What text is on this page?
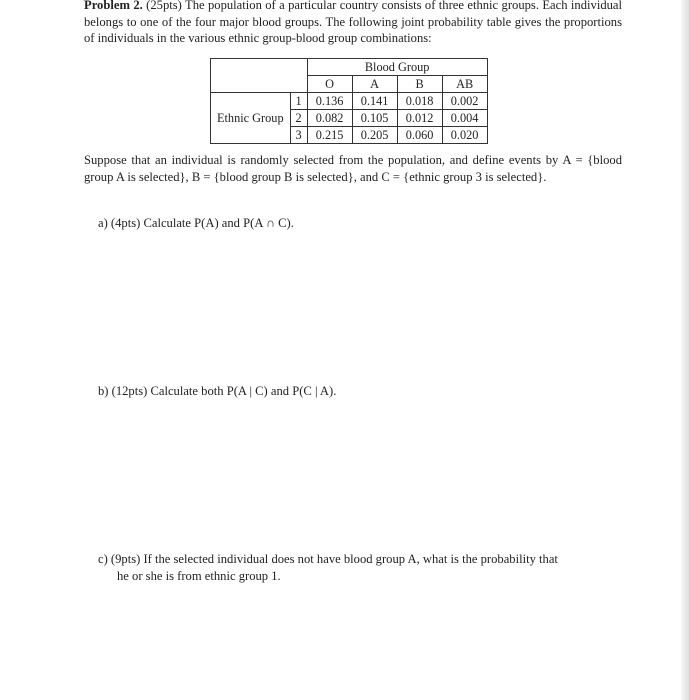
Problem 2. (25pts) The population of a particular country consists of three ethnic groups. Each individual belongs to one of the four major blood groups. The following joint probability table gives the proportions of individuals in the various ethnic group-blood group combinations:

		Blood Group			
		O	A	B	AB
Ethnic Group	1	0.136	0.141	0.018	0.002
	2	0.082	0.105	0.012	0.004
	3	0.215	0.205	0.060	0.020

Suppose that an individual is randomly selected from the population, and define events by A = {blood group A is selected}, B = {blood group B is selected}, and C = {ethnic group 3 is selected}.

a) (4pts) Calculate P(A) and P(A ∩ C).

b) (12pts) Calculate both P(A | C) and P(C | A).

c) (9pts) If the selected individual does not have blood group A, what is the probability that
he or she is from ethnic group 1.
